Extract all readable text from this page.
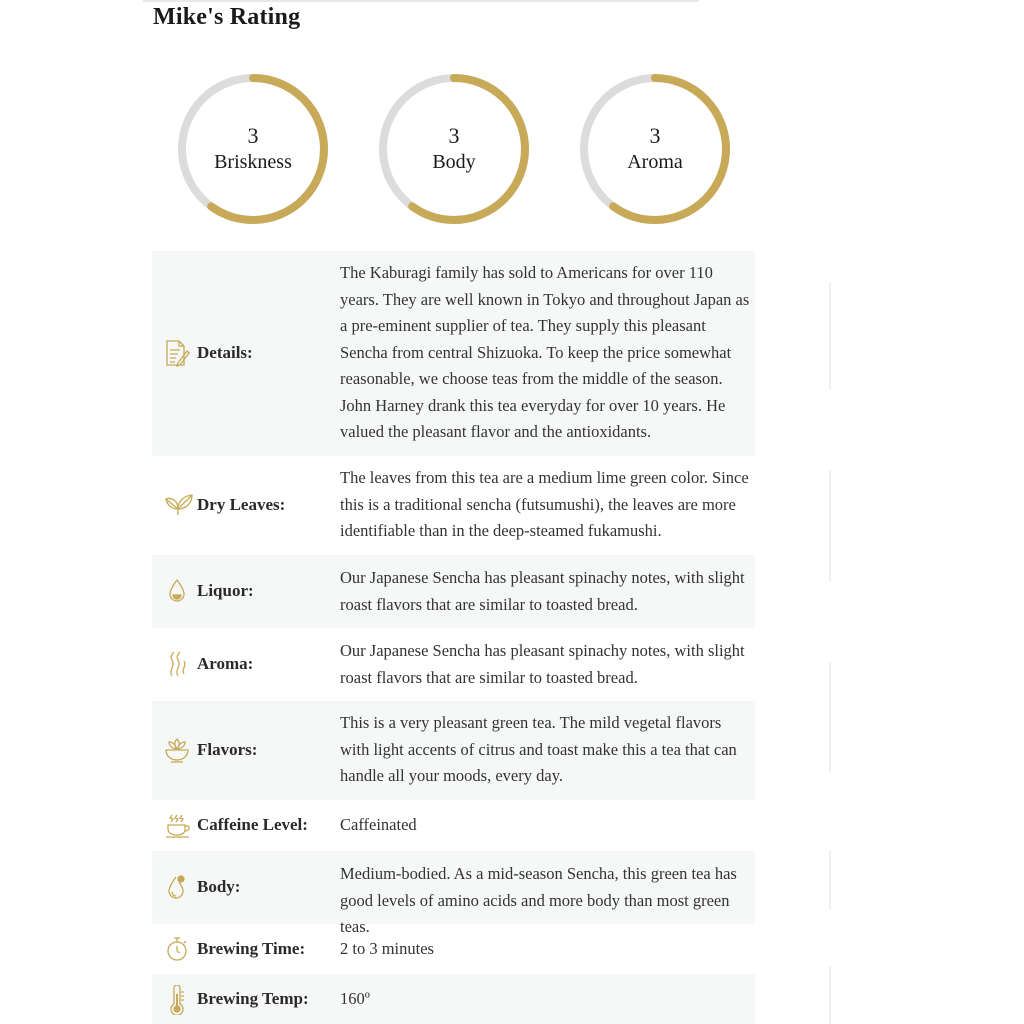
Mike's Rating
3
Briskness
3
Body
3
Aroma
Details:
The Kaburagi family has sold to Americans for over 110 years. They are well known in Tokyo and throughout Japan as a pre-eminent supplier of tea. They supply this pleasant Sencha from central Shizuoka. To keep the price somewhat reasonable, we choose teas from the middle of the season. John Harney drank this tea everyday for over 10 years. He valued the pleasant flavor and the antioxidants.
Dry Leaves:
The leaves from this tea are a medium lime green color. Since this is a traditional sencha (futsumushi), the leaves are more identifiable than in the deep-steamed fukamushi.
Liquor:
Our Japanese Sencha has pleasant spinachy notes, with slight roast flavors that are similar to toasted bread.
Aroma:
Our Japanese Sencha has pleasant spinachy notes, with slight roast flavors that are similar to toasted bread.
Flavors:
This is a very pleasant green tea. The mild vegetal flavors with light accents of citrus and toast make this a tea that can handle all your moods, every day.
Caffeine Level: Caffeinated
Body:
Medium-bodied. As a mid-season Sencha, this green tea has good levels of amino acids and more body than most green teas.
Brewing Time: 2 to 3 minutes
Brewing Temp: 160º
